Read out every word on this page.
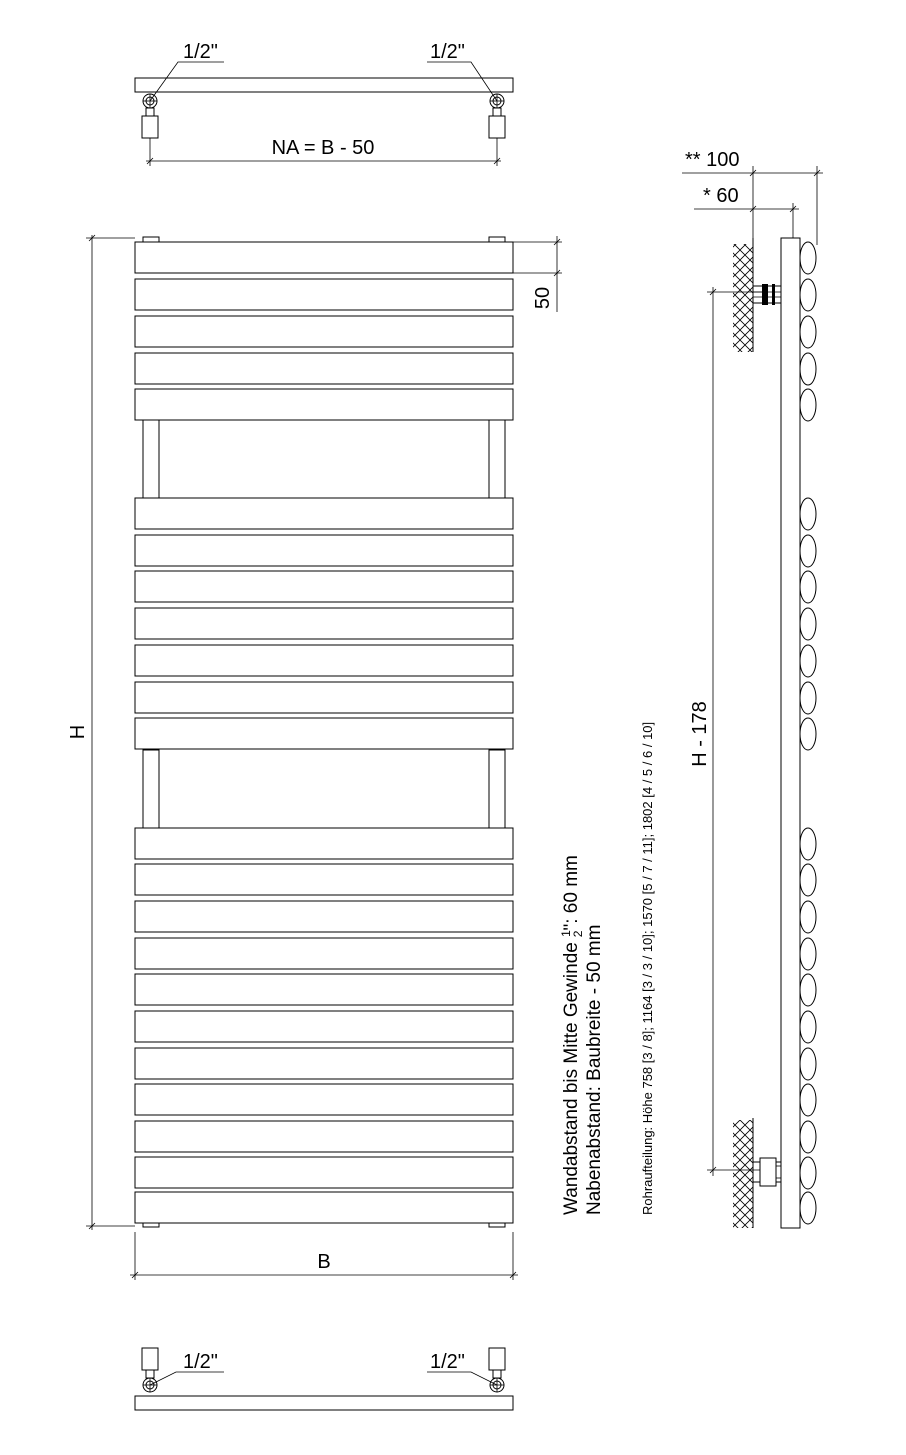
1/2"	1/2"
NA = B - 50
H
B
50
Wandabstand bis Mitte Gewinde $^1$2": 60 mm
Nabenabstand: Baubreite - 50 mm	Rohraufteilung: Höhe 758 [3 / 8]; 1164 [3 / 3 / 10]; 1570 [5 / 7 / 11]; 1802 [4 / 5 / 6 / 10]
** 100
* 60
H - 178
1/2"	1/2"
